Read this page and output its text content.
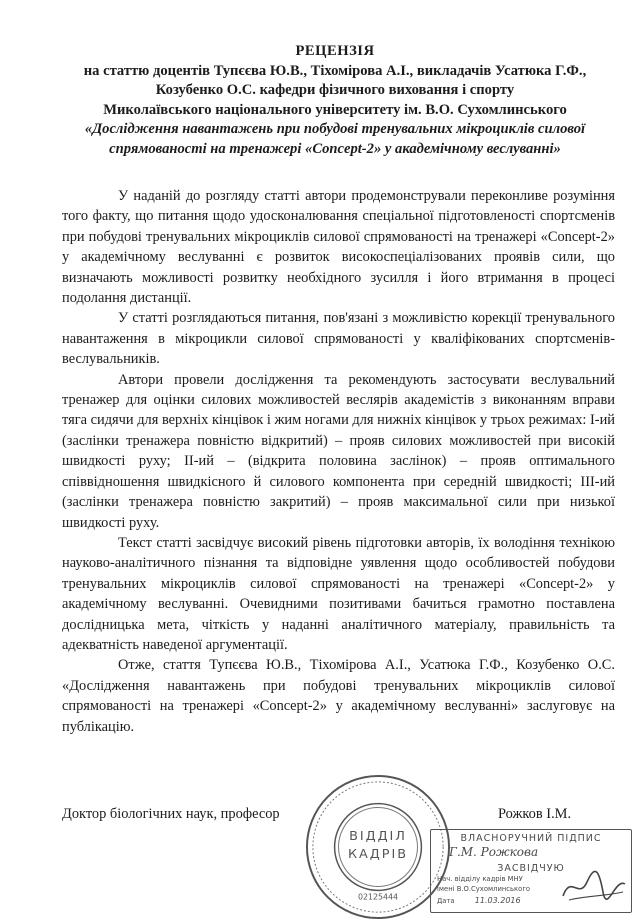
РЕЦЕНЗІЯ
на статтю доцентів Тупєєва Ю.В., Тіхомірова А.І., викладачів Усатюка Г.Ф.,
Козубенко О.С. кафедри фізичного виховання і спорту
Миколаївського національного університету ім. В.О. Сухомлинського
«Дослідження навантажень при побудові тренувальних мікроциклів силової
спрямованості на тренажері «Concept-2» у академічному веслуванні»

У наданій до розгляду статті автори продемонстрували переконливе розуміння того факту, що питання щодо удосконалювання спеціальної підготовленості спортсменів при побудові тренувальних мікроциклів силової спрямованості на тренажері «Concept-2» у академічному веслуванні є розвиток високоспеціалізованих проявів сили, що визначають можливості розвитку необхідного зусилля і його втримання в процесі подолання дистанції.

У статті розглядаються питання, пов'язані з можливістю корекції тренувального навантаження в мікроцикли силової спрямованості у кваліфікованих спортсменів-веслувальників.

Автори провели дослідження та рекомендують застосувати веслувальний тренажер для оцінки силових можливостей веслярів академістів з виконанням вправи тяга сидячи для верхніх кінцівок і жим ногами для нижніх кінцівок у трьох режимах: І-ий (заслінки тренажера повністю відкритий) – прояв силових можливостей при високій швидкості руху; ІІ-ий – (відкрита половина заслінок) – прояв оптимального співвідношення швидкісного й силового компонента при середній швидкості; ІІІ-ий (заслінки тренажера повністю закритий) – прояв максимальної сили при низької швидкості руху.

Текст статті засвідчує високий рівень підготовки авторів, їх володіння технікою науково-аналітичного пізнання та відповідне уявлення щодо особливостей побудови тренувальних мікроциклів силової спрямованості на тренажері «Concept-2» у академічному веслуванні. Очевидними позитивами бачиться грамотно поставлена дослідницька мета, чіткість у наданні аналітичного матеріалу, правильність та адекватність наведеної аргументації.

Отже, стаття Тупєєва Ю.В., Тіхомірова А.І., Усатюка Г.Ф., Козубенко О.С. «Дослідження навантажень при побудові тренувальних мікроциклів силової спрямованості на тренажері «Concept-2» у академічному веслуванні» заслуговує на публікацію.

Доктор біологічних наук, професор	Рожков І.М.
ВІДДІЛ
КАДРІВ
02125444
ВЛАСНОРУЧНИЙ ПІДПИС
Г.М. Рожкова
ЗАСВІДЧУЮ
Нач. відділу кадрів МНУ
імені В.О.Сухомлинського
Дата	11.03.2016
